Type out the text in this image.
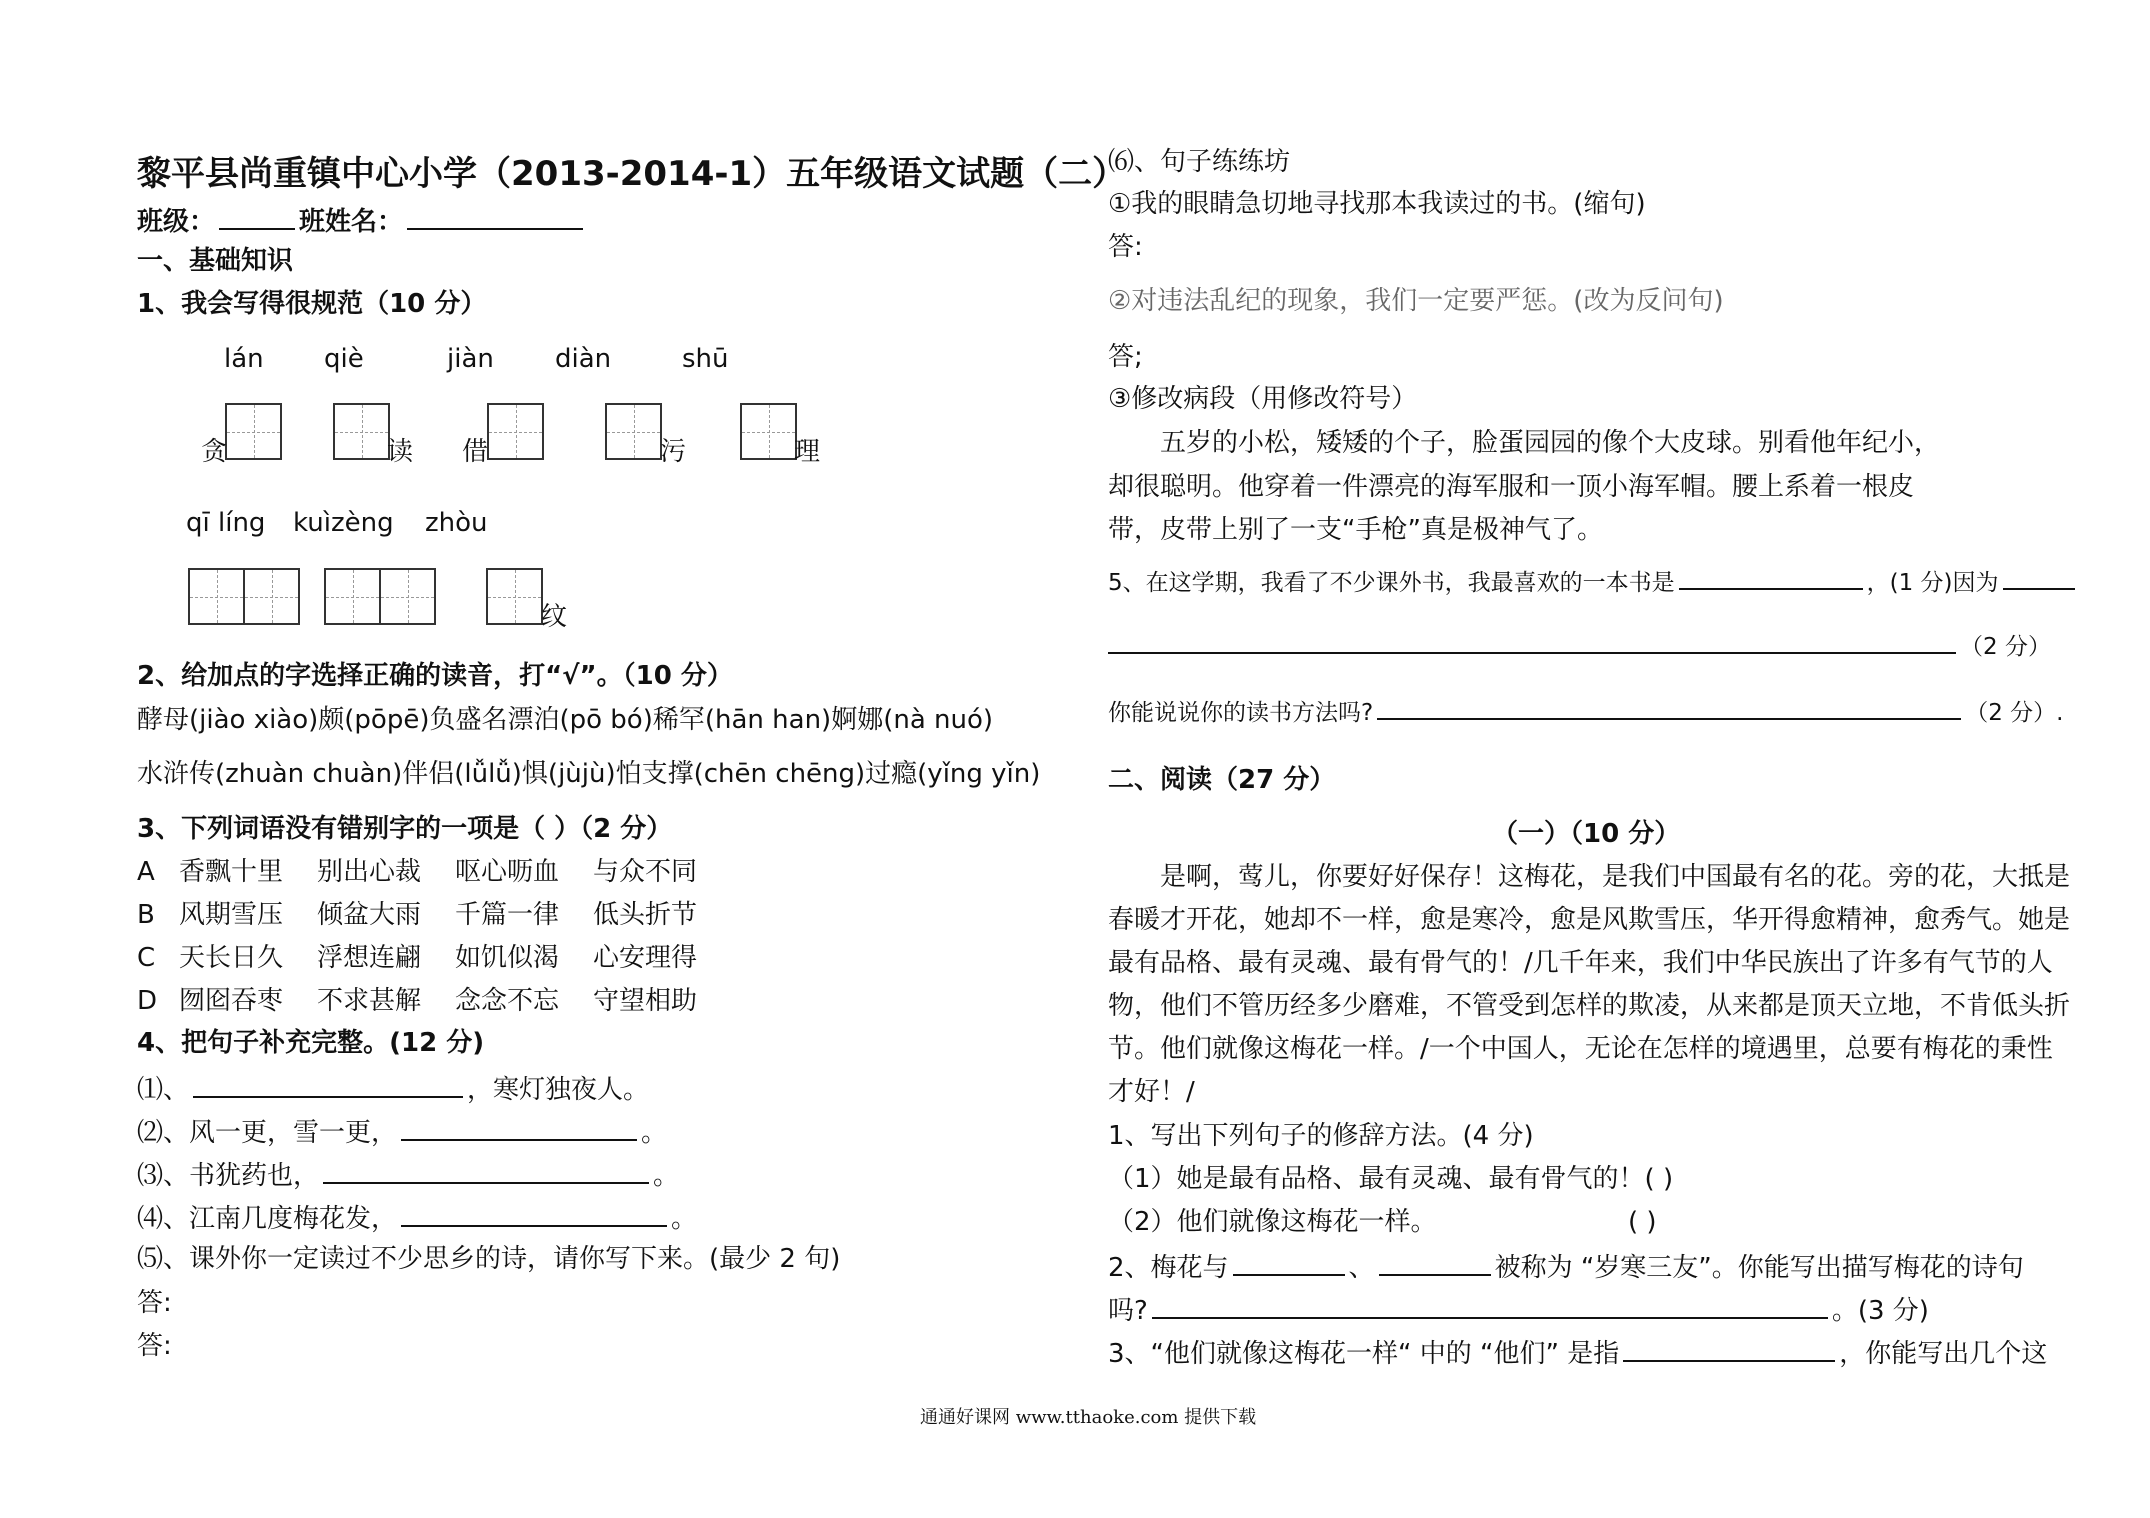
黎平县尚重镇中心小学（2013-2014-1）五年级语文试题（二）
班级：	班姓名：
一、基础知识
1、我会写得很规范（10 分）
lán qiè	jiàn diàn	shū
贪	读 借	污	理
qī líng kuìzèng zhòu
纹
2、给加点的字选择正确的读音，打“√”。（10 分）
酵母(jiào xiào)颇(pōpē)负盛名漂泊(pō bó)稀罕(hān han)婀娜(nà nuó)
水浒传(zhuàn chuàn)伴侣(lǚlǚ)惧(jùjù)怕支撑(chēn chēng)过瘾(yǐng yǐn)
3、下列词语没有错别字的一项是（ ）（2 分）
A 香飘十里 别出心裁 呕心呖血 与众不同
B 风期雪压 倾盆大雨 千篇一律 低头折节
C 天长日久 浮想连翩 如饥似渴 心安理得
D 囫囵吞枣 不求甚解 念念不忘 守望相助
4、把句子补充完整。(12 分)
⑴、	，寒灯独夜人。
⑵、风一更，雪一更，	。
⑶、书犹药也，	。
⑷、江南几度梅花发，	。
⑸、课外你一定读过不少思乡的诗，请你写下来。(最少 2 句)
答:
答:
⑹、句子练练坊
①我的眼睛急切地寻找那本我读过的书。(缩句)
答:
②对违法乱纪的现象，我们一定要严惩。(改为反问句)
答;
③修改病段（用修改符号）
五岁的小松，矮矮的个子，脸蛋园园的像个大皮球。别看他年纪小，
却很聪明。他穿着一件漂亮的海军服和一顶小海军帽。腰上系着一根皮
带，皮带上别了一支“手枪”真是极神气了。
5、在这学期，我看了不少课外书，我最喜欢的一本书是	，(1 分)因为
（2 分）
你能说说你的读书方法吗?	（2 分）.
二、阅读（27 分）
（一）（10 分）
是啊，莺儿，你要好好保存！这梅花，是我们中国最有名的花。旁的花，大抵是
春暖才开花，她却不一样，愈是寒冷，愈是风欺雪压，华开得愈精神，愈秀气。她是
最有品格、最有灵魂、最有骨气的！/几千年来，我们中华民族出了许多有气节的人
物，他们不管历经多少磨难，不管受到怎样的欺凌，从来都是顶天立地，不肯低头折
节。他们就像这梅花一样。/一个中国人，无论在怎样的境遇里，总要有梅花的秉性
才好！/
1、写出下列句子的修辞方法。(4 分)
（1）她是最有品格、最有灵魂、最有骨气的！( )
（2）他们就像这梅花一样。	( )
2、梅花与	、	被称为 “岁寒三友”。你能写出描写梅花的诗句
吗?	。(3 分)
3、“他们就像这梅花一样“ 中的 “他们” 是指	，你能写出几个这
通通好课网 www.tthaoke.com 提供下载
